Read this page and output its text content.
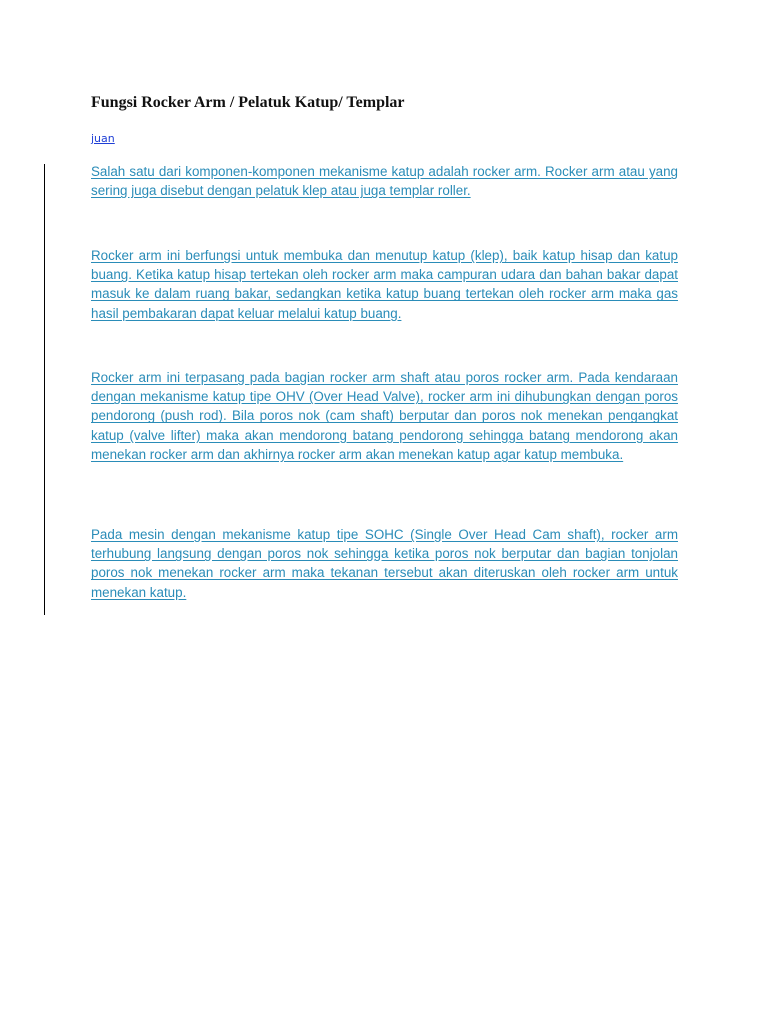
Fungsi Rocker Arm / Pelatuk Katup/ Templar
juan

Salah satu dari komponen-komponen mekanisme katup adalah rocker arm. Rocker arm atau yang sering juga disebut dengan pelatuk klep atau juga templar roller.

Rocker arm ini berfungsi untuk membuka dan menutup katup (klep), baik katup hisap dan katup buang. Ketika katup hisap tertekan oleh rocker arm maka campuran udara dan bahan bakar dapat masuk ke dalam ruang bakar, sedangkan ketika katup buang tertekan oleh rocker arm maka gas hasil pembakaran dapat keluar melalui katup buang.

Rocker arm ini terpasang pada bagian rocker arm shaft atau poros rocker arm. Pada kendaraan dengan mekanisme katup tipe OHV (Over Head Valve), rocker arm ini dihubungkan dengan poros pendorong (push rod). Bila poros nok (cam shaft) berputar dan poros nok menekan pengangkat katup (valve lifter) maka akan mendorong batang pendorong sehingga batang mendorong akan menekan rocker arm dan akhirnya rocker arm akan menekan katup agar katup membuka.

Pada mesin dengan mekanisme katup tipe SOHC (Single Over Head Cam shaft), rocker arm terhubung langsung dengan poros nok sehingga ketika poros nok berputar dan bagian tonjolan poros nok menekan rocker arm maka tekanan tersebut akan diteruskan oleh rocker arm untuk menekan katup.
